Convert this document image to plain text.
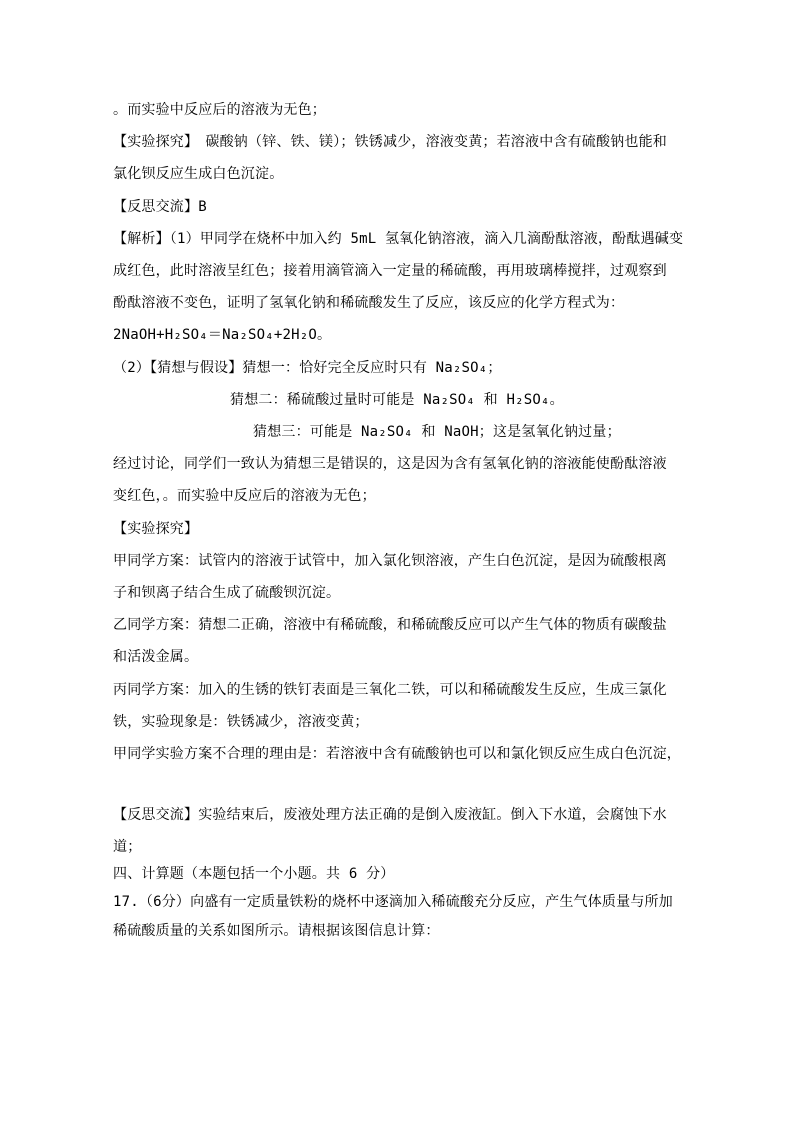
。而实验中反应后的溶液为无色；
【实验探究】　碳酸钠（锌、铁、镁）；铁锈减少，溶液变黄；若溶液中含有硫酸钠也能和
氯化钡反应生成白色沉淀。
【反思交流】B
【解析】（1）甲同学在烧杯中加入约 5mL 氢氧化钠溶液，滴入几滴酚酞溶液，酚酞遇碱变
成红色，此时溶液呈红色；接着用滴管滴入一定量的稀硫酸，再用玻璃棒搅拌，过观察到
酚酞溶液不变色，证明了氢氧化钠和稀硫酸发生了反应，该反应的化学方程式为：
2NaOH+H₂SO₄＝Na₂SO₄+2H₂O。
（2）【猜想与假设】猜想一：恰好完全反应时只有 Na₂SO₄；
猜想二：稀硫酸过量时可能是 Na₂SO₄ 和 H₂SO₄。
猜想三：可能是 Na₂SO₄ 和 NaOH；这是氢氧化钠过量；
经过讨论，同学们一致认为猜想三是错误的，这是因为含有氢氧化钠的溶液能使酚酞溶液
变红色，。而实验中反应后的溶液为无色；
【实验探究】
甲同学方案：试管内的溶液于试管中，加入氯化钡溶液，产生白色沉淀，是因为硫酸根离
子和钡离子结合生成了硫酸钡沉淀。
乙同学方案：猜想二正确，溶液中有稀硫酸，和稀硫酸反应可以产生气体的物质有碳酸盐
和活泼金属。
丙同学方案：加入的生锈的铁钉表面是三氧化二铁，可以和稀硫酸发生反应，生成三氯化
铁，实验现象是：铁锈减少，溶液变黄；
甲同学实验方案不合理的理由是：若溶液中含有硫酸钠也可以和氯化钡反应生成白色沉淀，
【反思交流】实验结束后，废液处理方法正确的是倒入废液缸。倒入下水道，会腐蚀下水
道；
四、计算题（本题包括一个小题。共 6 分）
17.（6分）向盛有一定质量铁粉的烧杯中逐滴加入稀硫酸充分反应，产生气体质量与所加
稀硫酸质量的关系如图所示。请根据该图信息计算：
